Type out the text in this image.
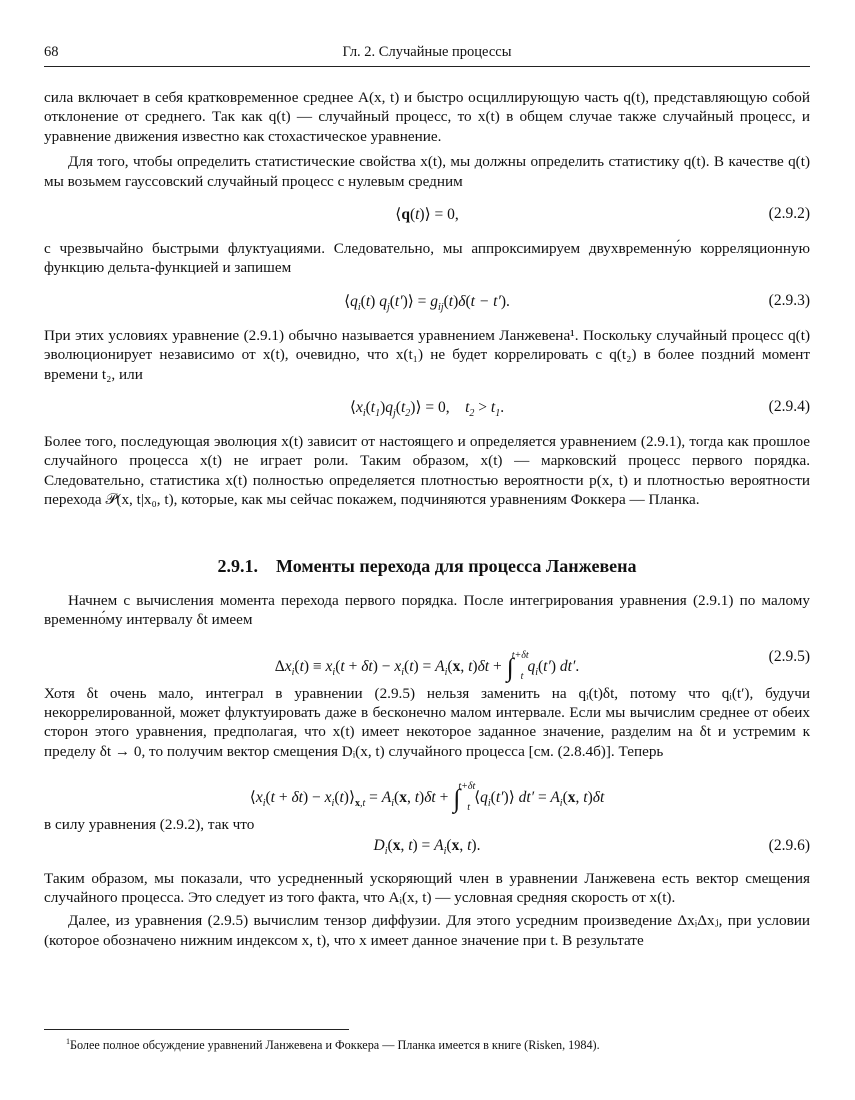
68	Гл. 2. Случайные процессы

сила включает в себя кратковременное среднее A(x, t) и быстро осциллирующую часть q(t), представляющую собой отклонение от среднего. Так как q(t) — случайный процесс, то x(t) в общем случае также случайный процесс, и уравнение движения известно как стохастическое уравнение.

Для того, чтобы определить статистические свойства x(t), мы должны определить статистику q(t). В качестве q(t) мы возьмем гауссовский случайный процесс с нулевым средним

⟨q(t)⟩ = 0,	(2.9.2)

с чрезвычайно быстрыми флуктуациями. Следовательно, мы аппроксимируем двухвременну́ю корреляционную функцию дельта-функцией и запишем

$⟨q_i(t)$ $q_j(t')⟩ = g_{ij}(t)\delta(t - t')$.	(2.9.3)

При этих условиях уравнение (2.9.1) обычно называется уравнением Ланжевена¹. Поскольку случайный процесс q(t) эволюционирует независимо от x(t), очевидно, что x(t₁) не будет коррелировать с q(t₂) в более поздний момент времени t₂, или

$⟨x_i(t_1)q_j(t_2)⟩ = 0$,    $t_2 > t_1$.	(2.9.4)

Более того, последующая эволюция x(t) зависит от настоящего и определяется уравнением (2.9.1), тогда как прошлое случайного процесса x(t) не играет роли. Таким образом, x(t) — марковский процесс первого порядка. Следовательно, статистика x(t) полностью определяется плотностью вероятности p(x, t) и плотностью вероятности перехода 𝒫(x, t|x₀, t), которые, как мы сейчас покажем, подчиняются уравнениям Фоккера — Планка.

2.9.1. Моменты перехода для процесса Ланжевена

Начнем с вычисления момента перехода первого порядка. После интегрирования уравнения (2.9.1) по малому временно́му интервалу δt имеем

$\Delta x_i(t) \equiv x_i(t + \delta t) - x_i(t) = A_i(x$, $t)\delta t + \int^{t+\delta t}_tq_i(t')$ dt′.
(2.9.5)

Хотя δt очень мало, интеграл в уравнении (2.9.5) нельзя заменить на qᵢ(t)δt, потому что qᵢ(t′), будучи некоррелированной, может флуктуировать даже в бесконечно малом интервале. Если мы вычислим среднее от обеих сторон этого уравнения, предполагая, что x(t) имеет некоторое заданное значение, разделим на δt и устремим к пределу δt → 0, то получим вектор смещения Dᵢ(x, t) случайного процесса [см. (2.8.4б)]. Теперь

$⟨x_i(t + \delta t)$ − $x_i(t)⟩_{x,t} = A_i(x$, $t)\delta t + \int^{t+\delta t}_t⟨q_i(t')⟩$ $dt' = A_i(x$, t)δt

в силу уравнения (2.9.2), так что

$D_i(x$, $t) = A_i(x$, t).	(2.9.6)

Таким образом, мы показали, что усредненный ускоряющий член в уравнении Ланжевена есть вектор смещения случайного процесса. Это следует из того факта, что Aᵢ(x, t) — условная средняя скорость от x(t).

Далее, из уравнения (2.9.5) вычислим тензор диффузии. Для этого усредним произведение ΔxᵢΔxⱼ, при условии (которое обозначено нижним индексом x, t), что x имеет данное значение при t. В результате

$^1$Более полное обсуждение уравнений Ланжевена и Фоккера — Планка имеется в книге (Risken, 1984).
